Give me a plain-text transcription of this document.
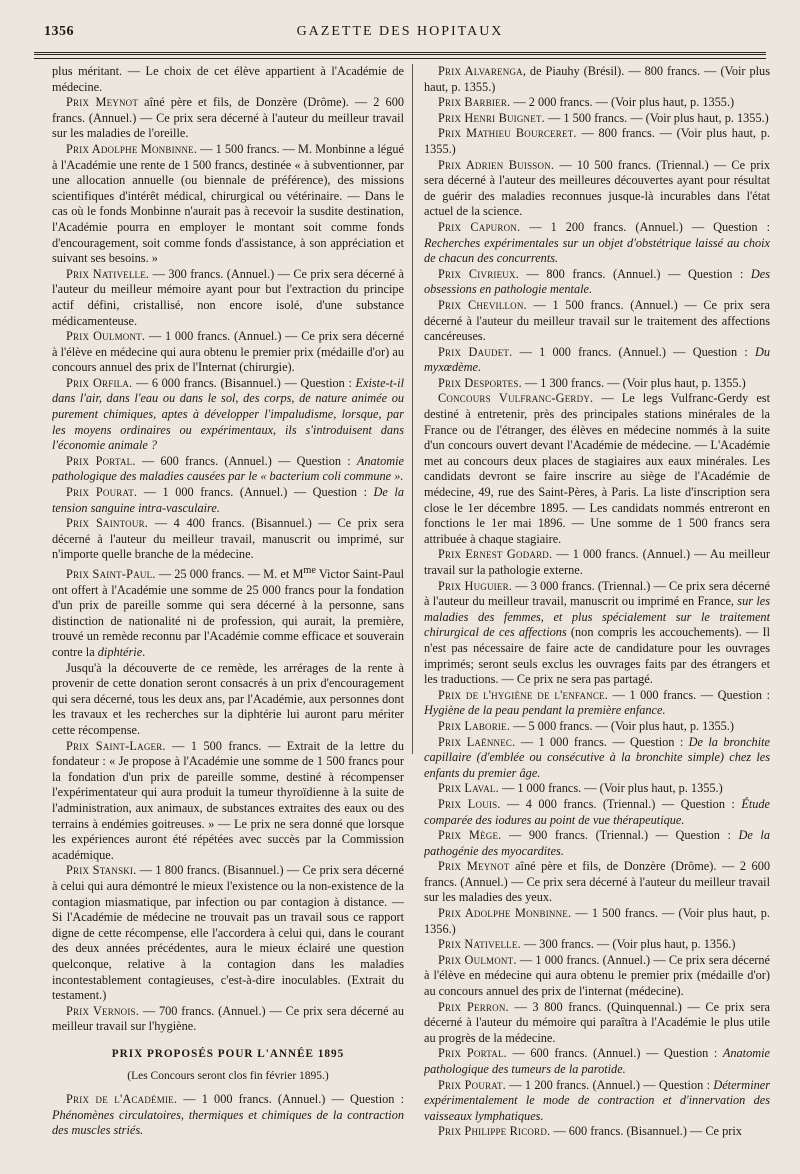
1356	GAZETTE DES HOPITAUX

plus méritant. — Le choix de cet élève appartient à l'Académie de médecine.

Prix Meynot aîné père et fils, de Donzère (Drôme). — 2 600 francs. (Annuel.) — Ce prix sera décerné à l'auteur du meilleur travail sur les maladies de l'oreille.

Prix Adolphe Monbinne. — 1 500 francs. — M. Monbinne a légué à l'Académie une rente de 1 500 francs, destinée « à subventionner, par une allocation annuelle (ou biennale de préférence), des missions scientifiques d'intérêt médical, chirurgical ou vétérinaire. — Dans le cas où le fonds Monbinne n'aurait pas à recevoir la susdite destination, l'Académie pourra en employer le montant soit comme fonds d'encouragement, soit comme fonds d'assistance, à son appréciation et suivant ses besoins. »

Prix Nativelle. — 300 francs. (Annuel.) — Ce prix sera décerné à l'auteur du meilleur mémoire ayant pour but l'extraction du principe actif défini, cristallisé, non encore isolé, d'une substance médicamenteuse.

Prix Oulmont. — 1 000 francs. (Annuel.) — Ce prix sera décerné à l'élève en médecine qui aura obtenu le premier prix (médaille d'or) au concours annuel des prix de l'Internat (chirurgie).

Prix Orfila. — 6 000 francs. (Bisannuel.) — Question : Existe-t-il dans l'air, dans l'eau ou dans le sol, des corps, de nature animée ou purement chimiques, aptes à développer l'impaludisme, lorsque, par les moyens ordinaires ou expérimentaux, ils s'introduisent dans l'économie animale ?

Prix Portal. — 600 francs. (Annuel.) — Question : Anatomie pathologique des maladies causées par le « bacterium coli commune ».

Prix Pourat. — 1 000 francs. (Annuel.) — Question : De la tension sanguine intra-vasculaire.

Prix Saintour. — 4 400 francs. (Bisannuel.) — Ce prix sera décerné à l'auteur du meilleur travail, manuscrit ou imprimé, sur n'importe quelle branche de la médecine.

Prix Saint-Paul. — 25 000 francs. — M. et $M^{me}$ Victor Saint-Paul ont offert à l'Académie une somme de 25 000 francs pour la fondation d'un prix de pareille somme qui sera décerné à la personne, sans distinction de nationalité ni de profession, qui aurait, la première, trouvé un remède reconnu par l'Académie comme efficace et souverain contre la diphtérie.

Jusqu'à la découverte de ce remède, les arrérages de la rente à provenir de cette donation seront consacrés à un prix d'encouragement qui sera décerné, tous les deux ans, par l'Académie, aux personnes dont les travaux et les recherches sur la diphtérie lui auront paru mériter cette récompense.

Prix Saint-Lager. — 1 500 francs. — Extrait de la lettre du fondateur : « Je propose à l'Académie une somme de 1 500 francs pour la fondation d'un prix de pareille somme, destiné à récompenser l'expérimentateur qui aura produit la tumeur thyroïdienne à la suite de l'administration, aux animaux, de substances extraites des eaux ou des terrains à endémies goitreuses. » — Le prix ne sera donné que lorsque les expériences auront été répétées avec succès par la Commission académique.

Prix Stanski. — 1 800 francs. (Bisannuel.) — Ce prix sera décerné à celui qui aura démontré le mieux l'existence ou la non-existence de la contagion miasmatique, par infection ou par contagion à distance. — Si l'Académie de médecine ne trouvait pas un travail sous ce rapport digne de cette récompense, elle l'accordera à celui qui, dans le courant des deux années précédentes, aura le mieux éclairé une question quelconque, relative à la contagion dans les maladies incontestablement contagieuses, c'est-à-dire inoculables. (Extrait du testament.)

Prix Vernois. — 700 francs. (Annuel.) — Ce prix sera décerné au meilleur travail sur l'hygiène.

PRIX PROPOSÉS POUR L'ANNÉE 1895
(Les Concours seront clos fin février 1895.)

Prix de l'Académie. — 1 000 francs. (Annuel.) — Question : Phénomènes circulatoires, thermiques et chimiques de la contraction des muscles striés.

Prix Alvarenga, de Piauhy (Brésil). — 800 francs. — (Voir plus haut, p. 1355.)

Prix Barbier. — 2 000 francs. — (Voir plus haut, p. 1355.)

Prix Henri Buignet. — 1 500 francs. — (Voir plus haut, p. 1355.)

Prix Mathieu Bourceret. — 800 francs. — (Voir plus haut, p. 1355.)

Prix Adrien Buisson. — 10 500 francs. (Triennal.) — Ce prix sera décerné à l'auteur des meilleures découvertes ayant pour résultat de guérir des maladies reconnues jusque-là incurables dans l'état actuel de la science.

Prix Capuron. — 1 200 francs. (Annuel.) — Question : Recherches expérimentales sur un objet d'obstétrique laissé au choix de chacun des concurrents.

Prix Civrieux. — 800 francs. (Annuel.) — Question : Des obsessions en pathologie mentale.

Prix Chevillon. — 1 500 francs. (Annuel.) — Ce prix sera décerné à l'auteur du meilleur travail sur le traitement des affections cancéreuses.

Prix Daudet. — 1 000 francs. (Annuel.) — Question : Du myxœdème.

Prix Desportes. — 1 300 francs. — (Voir plus haut, p. 1355.)

Concours Vulfranc-Gerdy. — Le legs Vulfranc-Gerdy est destiné à entretenir, près des principales stations minérales de la France ou de l'étranger, des élèves en médecine nommés à la suite d'un concours ouvert devant l'Académie de médecine. — L'Académie met au concours deux places de stagiaires aux eaux minérales. Les candidats devront se faire inscrire au siège de l'Académie de médecine, 49, rue des Saint-Pères, à Paris. La liste d'inscription sera close le 1er décembre 1895. — Les candidats nommés entreront en fonctions le 1er mai 1896. — Une somme de 1 500 francs sera attribuée à chaque stagiaire.

Prix Ernest Godard. — 1 000 francs. (Annuel.) — Au meilleur travail sur la pathologie externe.

Prix Huguier. — 3 000 francs. (Triennal.) — Ce prix sera décerné à l'auteur du meilleur travail, manuscrit ou imprimé en France, sur les maladies des femmes, et plus spécialement sur le traitement chirurgical de ces affections (non compris les accouchements). — Il n'est pas nécessaire de faire acte de candidature pour les ouvrages imprimés; seront seuls exclus les ouvrages faits par des étrangers et les traductions. — Ce prix ne sera pas partagé.

Prix de l'hygiène de l'enfance. — 1 000 francs. — Question : Hygiène de la peau pendant la première enfance.

Prix Laborie. — 5 000 francs. — (Voir plus haut, p. 1355.)

Prix Laënnec. — 1 000 francs. — Question : De la bronchite capillaire (d'emblée ou consécutive à la bronchite simple) chez les enfants du premier âge.

Prix Laval. — 1 000 francs. — (Voir plus haut, p. 1355.)

Prix Louis. — 4 000 francs. (Triennal.) — Question : Étude comparée des iodures au point de vue thérapeutique.

Prix Mège. — 900 francs. (Triennal.) — Question : De la pathogénie des myocardites.

Prix Meynot aîné père et fils, de Donzère (Drôme). — 2 600 francs. (Annuel.) — Ce prix sera décerné à l'auteur du meilleur travail sur les maladies des yeux.

Prix Adolphe Monbinne. — 1 500 francs. — (Voir plus haut, p. 1356.)

Prix Nativelle. — 300 francs. — (Voir plus haut, p. 1356.)

Prix Oulmont. — 1 000 francs. (Annuel.) — Ce prix sera décerné à l'élève en médecine qui aura obtenu le premier prix (médaille d'or) au concours annuel des prix de l'internat (médecine).

Prix Perron. — 3 800 francs. (Quinquennal.) — Ce prix sera décerné à l'auteur du mémoire qui paraîtra à l'Académie le plus utile au progrès de la médecine.

Prix Portal. — 600 francs. (Annuel.) — Question : Anatomie pathologique des tumeurs de la parotide.

Prix Pourat. — 1 200 francs. (Annuel.) — Question : Déterminer expérimentalement le mode de contraction et d'innervation des vaisseaux lymphatiques.

Prix Philippe Ricord. — 600 francs. (Bisannuel.) — Ce prix
